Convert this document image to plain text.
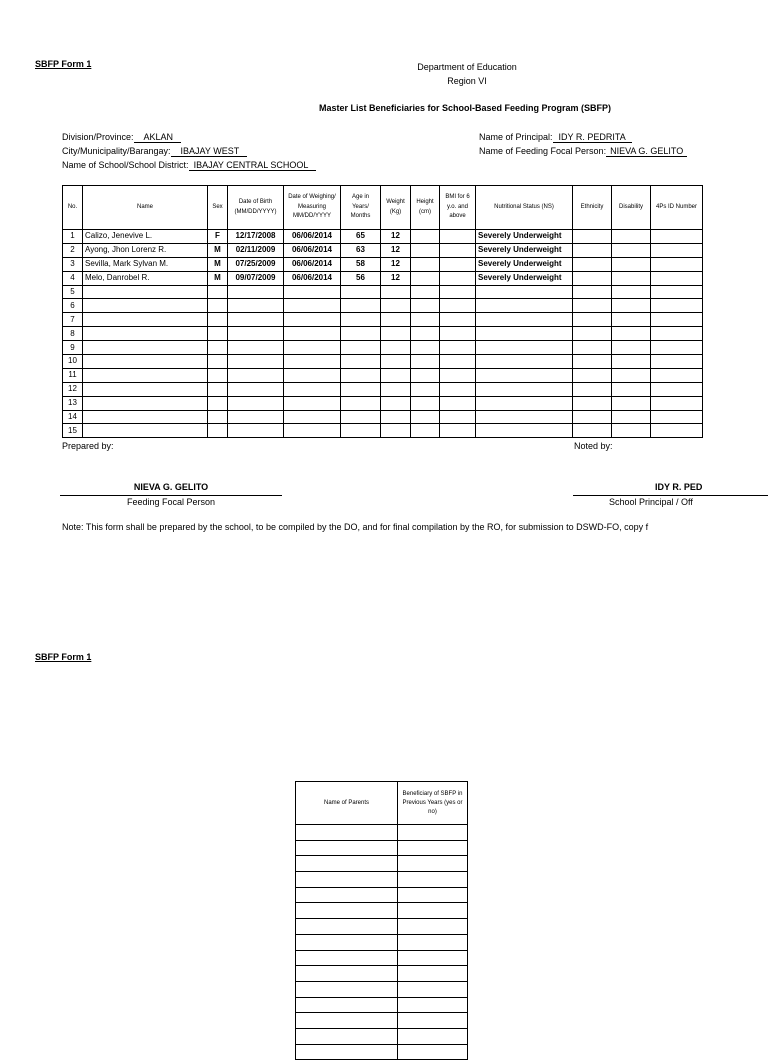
SBFP Form 1	Department of Education
Region VI
Master List Beneficiaries for School-Based Feeding Program (SBFP)
Division/Province: AKLAN
City/Municipality/Barangay: IBAJAY WEST
Name of School/School District: IBAJAY CENTRAL SCHOOL
Name of Principal: IDY R. PEDRITA
Name of Feeding Focal Person: NIEVA G. GELITO
No.	Name	Sex	Date of Birth (MM/DD/YYYY)	Date of Weighing/ Measuring MM/DD/YYYY	Age in Years/ Months	Weight (Kg)	Height (cm)	BMI for 6 y.o. and above	Nutritional Status (NS)	Ethnicity	Disability	4Ps ID Number
1	Calizo, Jenevive L.	F	12/17/2008	06/06/2014	65	12			Severely Underweight			
2	Ayong, Jhon Lorenz R.	M	02/11/2009	06/06/2014	63	12			Severely Underweight			
3	Sevilla, Mark Sylvan M.	M	07/25/2009	06/06/2014	58	12			Severely Underweight			
4	Melo, Danrobel R.	M	09/07/2009	06/06/2014	56	12			Severely Underweight			
5												
6												
7												
8												
9												
10												
11												
12												
13												
14												
15												
Prepared by:	Noted by:
NIEVA G. GELITO
Feeding Focal Person
IDY R. PED
School Principal / Off
Note: This form shall be prepared by the school, to be compiled by the DO, and for final compilation by the RO, for submission to DSWD-FO, copy f
SBFP Form 1
Name of Parents	Beneficiary of SBFP in Previous Years (yes or no)
